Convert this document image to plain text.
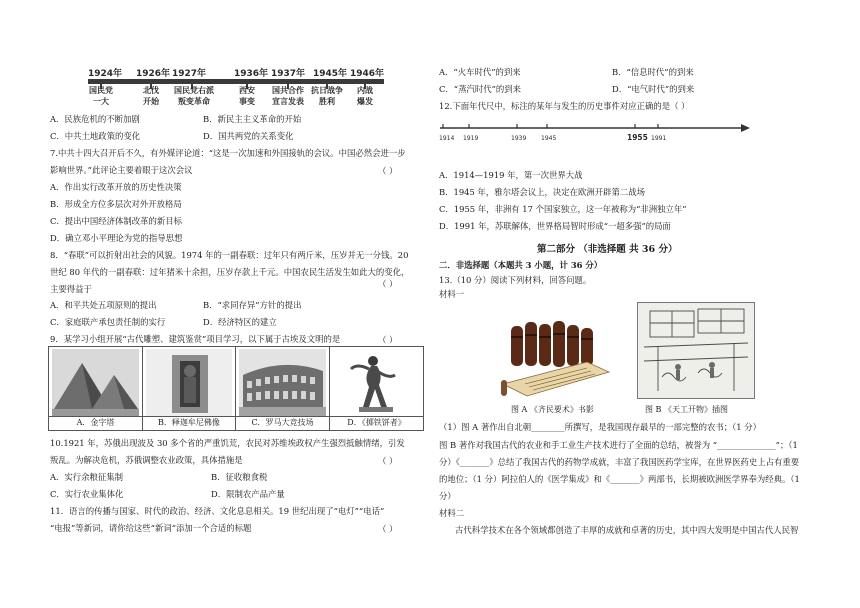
1924年 1926年 1927年	1936年 1937年 1945年 1946年
国民党
一大
北伐
开始
国民党右派
叛变革命
西安
事变
国共合作
宣言发表
抗日战争
胜利
内战
爆发
A．民族危机的不断加剧	B．新民主主义革命的开始
C．中共土地政策的变化	D．国共两党的关系变化
7.中共十四大召开后不久，有外媒评论道：“这是一次加速和外国接轨的会议。中国必然会进一步
影响世界。”此评论主要着眼于这次会议	（ ）
A．作出实行改革开放的历史性决策
B．形成全方位多层次对外开放格局
C．提出中国经济体制改革的新目标
D．确立邓小平理论为党的指导思想
8．“春联”可以折射出社会的风貌。1974 年的一副春联：过年只有两斤米，压岁并无一分钱。20
世纪 80 年代的一副春联：过年猪米十余担，压岁存款上千元。中国农民生活发生如此大的变化，
主要得益于	（ ）
A．和平共处五项原则的提出	B．“求同存异”方针的提出
C．家庭联产承包责任制的实行	D．经济特区的建立
9．某学习小组开展“古代雕塑、建筑鉴赏”项目学习，以下属于古埃及文明的是	（ ）
A．金字塔	B．释迦牟尼佛像	C．罗马大竞技场	D．《掷铁饼者》
10.1921 年，苏俄出现波及 30 多个省的严重饥荒，农民对苏维埃政权产生强烈抵触情绪，引发
叛乱。为解决危机，苏俄调整农业政策，具体措施是	（ ）
A．实行余粮征集制	B．征收粮食税
C．实行农业集体化	D．限制农产品产量
11．语言的传播与国家、时代的政治、经济、文化息息相关。19 世纪出现了“电灯”“电话”
“电报”等新词，请你给这些“新词”添加一个合适的标题	（ ）
A．“火车时代”的到来	B．“信息时代”的到来
C．“蒸汽时代”的到来	D．“电气时代”的到来
12.下面年代尺中，标注的某年与发生的历史事件对应正确的是（ ）
1914 1919	1939 1945	1955 1991
A．1914—1919 年，第一次世界大战
B．1945 年，雅尔塔会议上，决定在欧洲开辟第二战场
C．1955 年，非洲有 17 个国家独立，这一年被称为“非洲独立年”
D．1991 年，苏联解体，世界格局智时形成“一超多强”的局面
第二部分 （非选择题 共 36 分）
二．非选择题（本题共 3 小题，计 36 分）
13.（10 分）阅读下列材料，回答问题。
材料一
图 A 《齐民要术》书影	图 B 《天工开物》插图
（1）图 A 著作出自北朝________所撰写，是我国现存最早的一部完整的农书；（1 分）
图 B 著作对我国古代的农业和手工业生产技术进行了全面的总结，被誉为 “______________”；（1
分）《_______》总结了我国古代的药物学成就，丰富了我国医药学宝库，在世界医药史上占有重要
的地位；（1 分）阿拉伯人的《医学集成》和《_______》两部书，长期被欧洲医学界奉为经典。（1
分）
材料二
古代科学技术在各个领域都创造了丰厚的成就和卓著的历史，其中四大发明是中国古代人民智
